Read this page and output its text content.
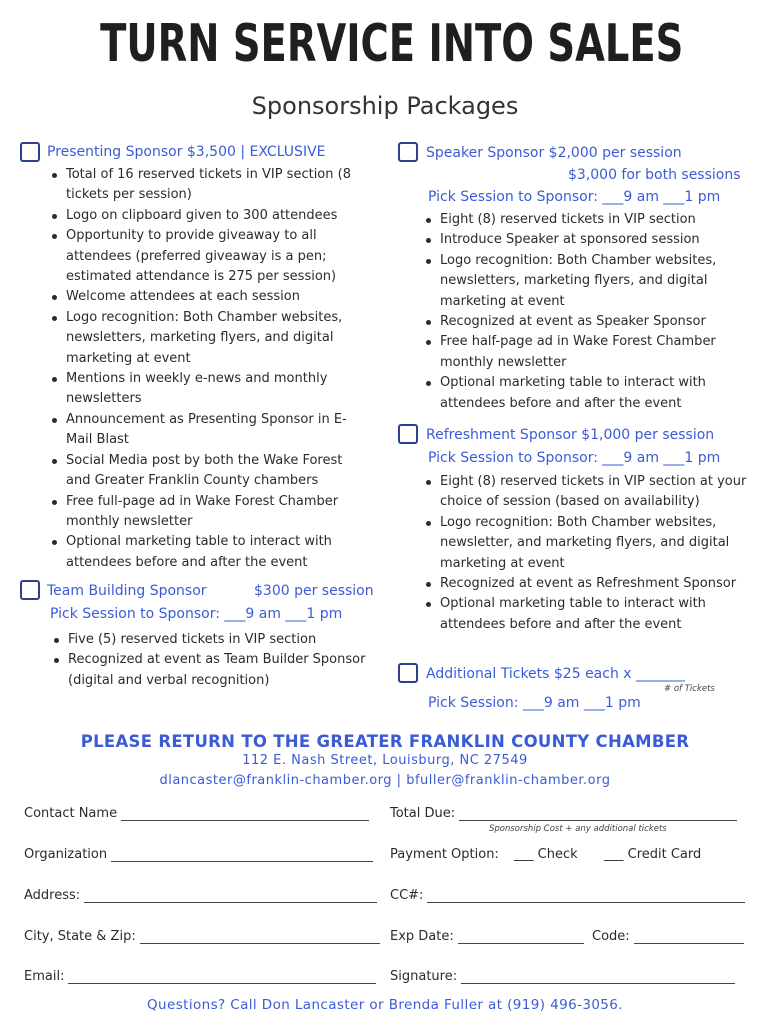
TURN SERVICE INTO SALES
Sponsorship Packages
Presenting Sponsor $3,500 | EXCLUSIVE
Total of 16 reserved tickets in VIP section (8 tickets per session)
Logo on clipboard given to 300 attendees
Opportunity to provide giveaway to all attendees (preferred giveaway is a pen; estimated attendance is 275 per session)
Welcome attendees at each session
Logo recognition: Both Chamber websites, newsletters, marketing flyers, and digital marketing at event
Mentions in weekly e-news and monthly newsletters
Announcement as Presenting Sponsor in E-Mail Blast
Social Media post by both the Wake Forest and Greater Franklin County chambers
Free full-page ad in Wake Forest Chamber monthly newsletter
Optional marketing table to interact with attendees before and after the event
Team Building Sponsor	$300 per session
Pick Session to Sponsor: ___9 am ___1 pm
Five (5) reserved tickets in VIP section
Recognized at event as Team Builder Sponsor (digital and verbal recognition)
Speaker Sponsor $2,000 per session
$3,000 for both sessions
Pick Session to Sponsor: ___9 am ___1 pm
Eight (8) reserved tickets in VIP section
Introduce Speaker at sponsored session
Logo recognition: Both Chamber websites, newsletters, marketing flyers, and digital marketing at event
Recognized at event as Speaker Sponsor
Free half-page ad in Wake Forest Chamber monthly newsletter
Optional marketing table to interact with attendees before and after the event
Refreshment Sponsor $1,000 per session
Pick Session to Sponsor: ___9 am ___1 pm
Eight (8) reserved tickets in VIP section at your choice of session (based on availability)
Logo recognition: Both Chamber websites, newsletter, and marketing flyers, and digital marketing at event
Recognized at event as Refreshment Sponsor
Optional marketing table to interact with attendees before and after the event
Additional Tickets $25 each x _______
# of Tickets
Pick Session: ___9 am ___1 pm
PLEASE RETURN TO THE GREATER FRANKLIN COUNTY CHAMBER
112 E. Nash Street, Louisburg, NC 27549
dlancaster@franklin-chamber.org | bfuller@franklin-chamber.org
Contact Name	Total Due:
Sponsorship Cost + any additional tickets
Organization	Payment Option: ___ Check ___ Credit Card
Address:	CC#:
City, State & Zip:	Exp Date:	Code:
Email:	Signature:
Questions? Call Don Lancaster or Brenda Fuller at (919) 496-3056.
